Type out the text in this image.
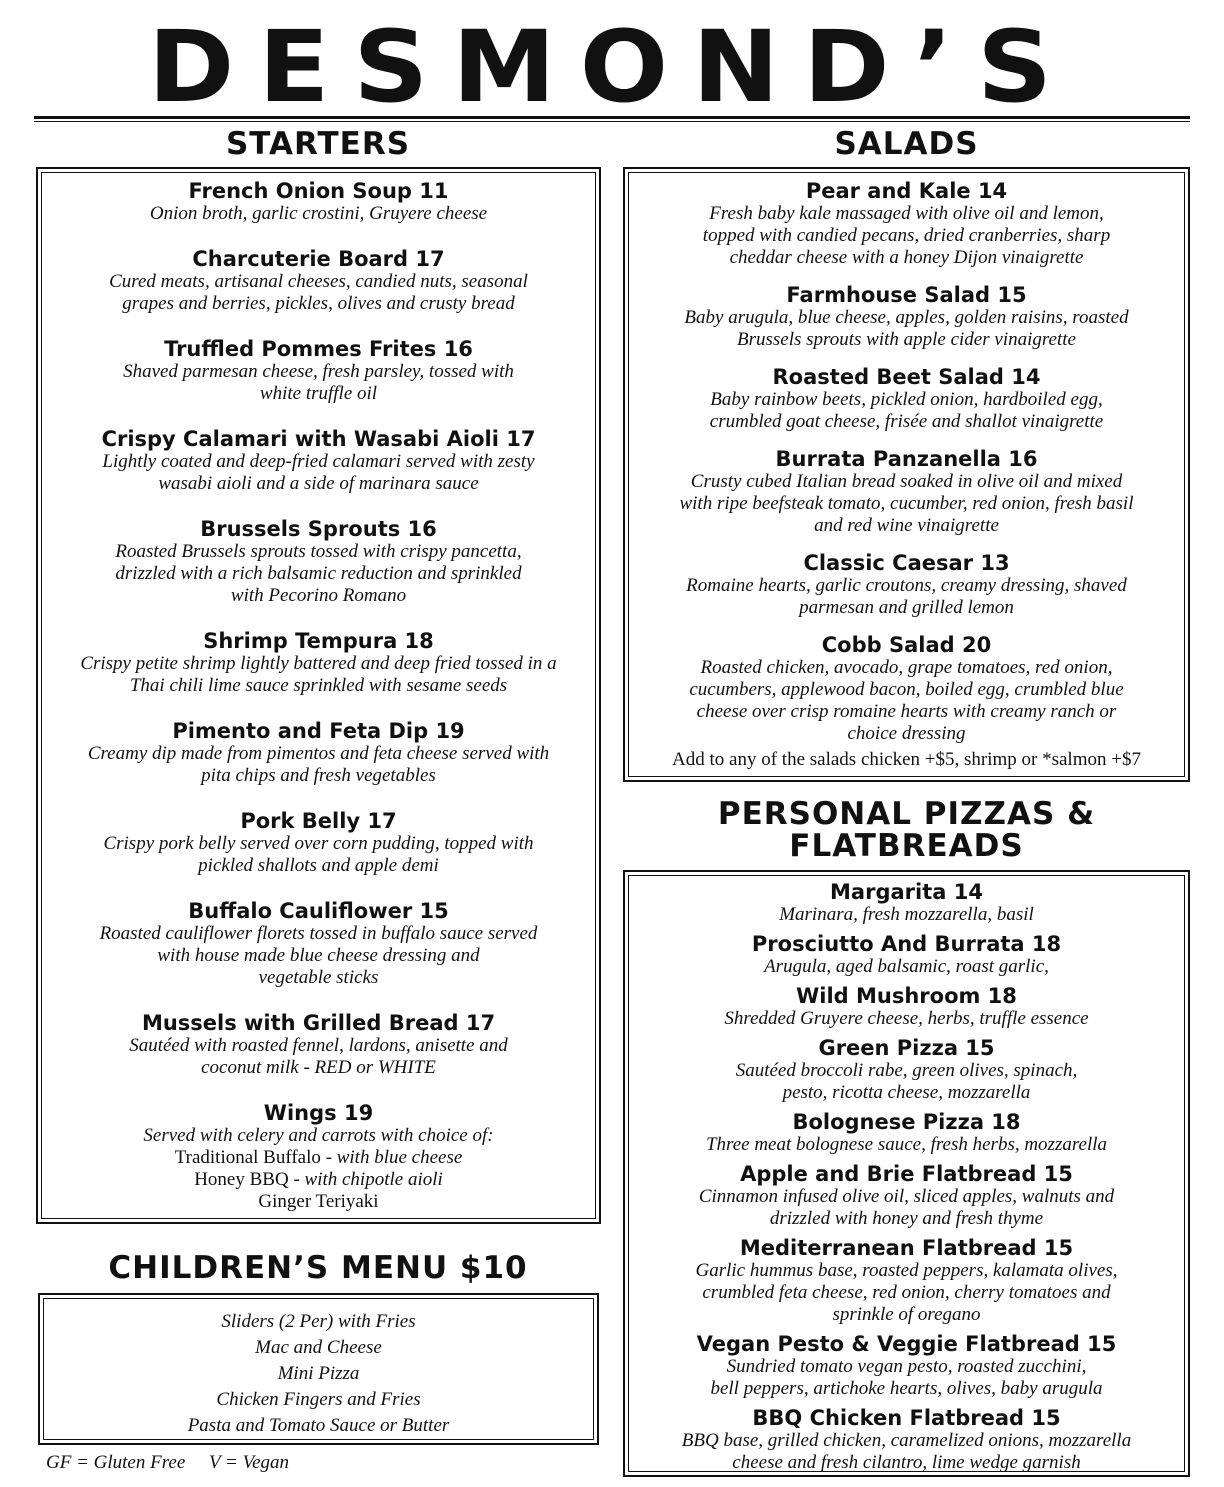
DESMOND’S
STARTERS
French Onion Soup 11
Onion broth, garlic crostini, Gruyere cheese
Charcuterie Board 17
Cured meats, artisanal cheeses, candied nuts, seasonal
grapes and berries, pickles, olives and crusty bread
Truffled Pommes Frites 16
Shaved parmesan cheese, fresh parsley, tossed with
white truffle oil
Crispy Calamari with Wasabi Aioli 17
Lightly coated and deep-fried calamari served with zesty
wasabi aioli and a side of marinara sauce
Brussels Sprouts 16
Roasted Brussels sprouts tossed with crispy pancetta,
drizzled with a rich balsamic reduction and sprinkled
with Pecorino Romano
Shrimp Tempura 18
Crispy petite shrimp lightly battered and deep fried tossed in a
Thai chili lime sauce sprinkled with sesame seeds
Pimento and Feta Dip 19
Creamy dip made from pimentos and feta cheese served with
pita chips and fresh vegetables
Pork Belly 17
Crispy pork belly served over corn pudding, topped with
pickled shallots and apple demi
Buffalo Cauliflower 15
Roasted cauliflower florets tossed in buffalo sauce served
with house made blue cheese dressing and
vegetable sticks
Mussels with Grilled Bread 17
Sautéed with roasted fennel, lardons, anisette and
coconut milk - RED or WHITE
Wings 19
Served with celery and carrots with choice of:
Traditional Buffalo - with blue cheese
Honey BBQ - with chipotle aioli
Ginger Teriyaki
SALADS
Pear and Kale 14
Fresh baby kale massaged with olive oil and lemon,
topped with candied pecans, dried cranberries, sharp
cheddar cheese with a honey Dijon vinaigrette
Farmhouse Salad 15
Baby arugula, blue cheese, apples, golden raisins, roasted
Brussels sprouts with apple cider vinaigrette
Roasted Beet Salad 14
Baby rainbow beets, pickled onion, hardboiled egg,
crumbled goat cheese, frisée and shallot vinaigrette
Burrata Panzanella 16
Crusty cubed Italian bread soaked in olive oil and mixed
with ripe beefsteak tomato, cucumber, red onion, fresh basil
and red wine vinaigrette
Classic Caesar 13
Romaine hearts, garlic croutons, creamy dressing, shaved
parmesan and grilled lemon
Cobb Salad 20
Roasted chicken, avocado, grape tomatoes, red onion,
cucumbers, applewood bacon, boiled egg, crumbled blue
cheese over crisp romaine hearts with creamy ranch or
choice dressing
Add to any of the salads chicken +$5, shrimp or *salmon +$7
PERSONAL PIZZAS &
FLATBREADS
Margarita 14
Marinara, fresh mozzarella, basil
Prosciutto And Burrata 18
Arugula, aged balsamic, roast garlic,
Wild Mushroom 18
Shredded Gruyere cheese, herbs, truffle essence
Green Pizza 15
Sautéed broccoli rabe, green olives, spinach,
pesto, ricotta cheese, mozzarella
Bolognese Pizza 18
Three meat bolognese sauce, fresh herbs, mozzarella
Apple and Brie Flatbread 15
Cinnamon infused olive oil, sliced apples, walnuts and
drizzled with honey and fresh thyme
Mediterranean Flatbread 15
Garlic hummus base, roasted peppers, kalamata olives,
crumbled feta cheese, red onion, cherry tomatoes and
sprinkle of oregano
Vegan Pesto & Veggie Flatbread 15
Sundried tomato vegan pesto, roasted zucchini,
bell peppers, artichoke hearts, olives, baby arugula
BBQ Chicken Flatbread 15
BBQ base, grilled chicken, caramelized onions, mozzarella
cheese and fresh cilantro, lime wedge garnish
CHILDREN’S MENU $10
Sliders (2 Per) with Fries
Mac and Cheese
Mini Pizza
Chicken Fingers and Fries
Pasta and Tomato Sauce or Butter
GF = Gluten Free V = Vegan
